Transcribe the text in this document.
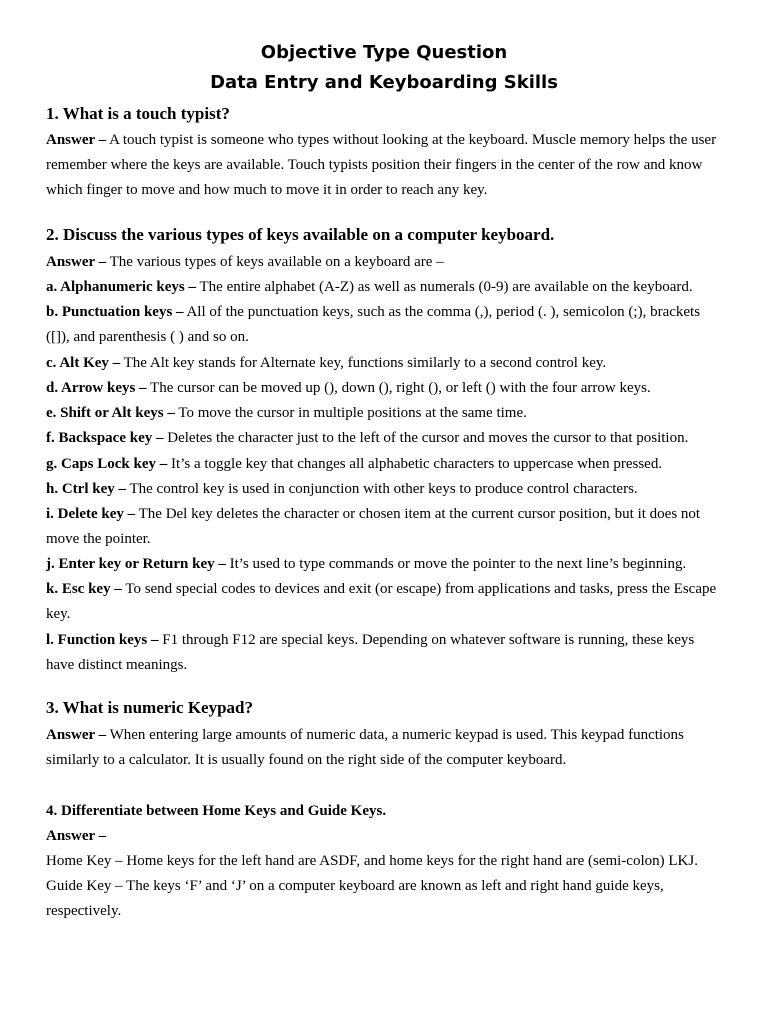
Objective Type Question
Data Entry and Keyboarding Skills
1. What is a touch typist?
Answer – A touch typist is someone who types without looking at the keyboard. Muscle memory helps the user remember where the keys are available. Touch typists position their fingers in the center of the row and know which finger to move and how much to move it in order to reach any key.
2. Discuss the various types of keys available on a computer keyboard.
Answer – The various types of keys available on a keyboard are –
a. Alphanumeric keys – The entire alphabet (A-Z) as well as numerals (0-9) are available on the keyboard.
b. Punctuation keys – All of the punctuation keys, such as the comma (,), period (. ), semicolon (;), brackets ([]), and parenthesis ( ) and so on.
c. Alt Key – The Alt key stands for Alternate key, functions similarly to a second control key.
d. Arrow keys – The cursor can be moved up (), down (), right (), or left () with the four arrow keys.
e. Shift or Alt keys – To move the cursor in multiple positions at the same time.
f. Backspace key – Deletes the character just to the left of the cursor and moves the cursor to that position.
g. Caps Lock key – It’s a toggle key that changes all alphabetic characters to uppercase when pressed.
h. Ctrl key – The control key is used in conjunction with other keys to produce control characters.
i. Delete key – The Del key deletes the character or chosen item at the current cursor position, but it does not move the pointer.
j. Enter key or Return key – It’s used to type commands or move the pointer to the next line’s beginning.
k. Esc key – To send special codes to devices and exit (or escape) from applications and tasks, press the Escape key.
l. Function keys – F1 through F12 are special keys. Depending on whatever software is running, these keys have distinct meanings.
3. What is numeric Keypad?
Answer – When entering large amounts of numeric data, a numeric keypad is used. This keypad functions similarly to a calculator. It is usually found on the right side of the computer keyboard.
4. Differentiate between Home Keys and Guide Keys.
Answer –
Home Key – Home keys for the left hand are ASDF, and home keys for the right hand are (semi-colon) LKJ.
Guide Key – The keys ‘F’ and ‘J’ on a computer keyboard are known as left and right hand guide keys, respectively.
